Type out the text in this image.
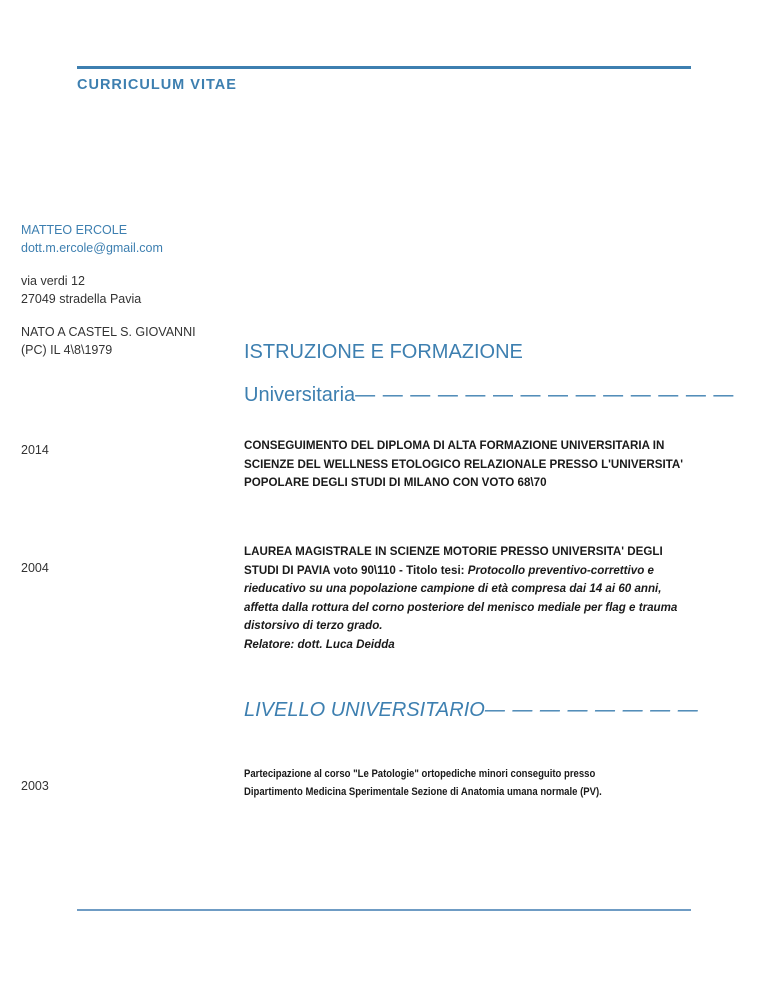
CURRICULUM VITAE
MATTEO ERCOLE
dott.m.ercole@gmail.com
via verdi 12
27049 stradella Pavia
NATO A CASTEL S. GIOVANNI
(PC) IL 4\8\1979	ISTRUZIONE E FORMAZIONE
Universitaria— — — — — — — — — — — — — —
2014	CONSEGUIMENTO DEL DIPLOMA DI ALTA FORMAZIONE UNIVERSITARIA IN SCIENZE DEL WELLNESS ETOLOGICO RELAZIONALE PRESSO L'UNIVERSITA' POPOLARE DEGLI STUDI DI MILANO CON VOTO 68\70
2004
LAUREA MAGISTRALE IN SCIENZE MOTORIE PRESSO UNIVERSITA' DEGLI STUDI DI PAVIA voto 90\110 - Titolo tesi: Protocollo preventivo-correttivo e rieducativo su una popolazione campione di età compresa dai 14 ai 60 anni, affetta dalla rottura del corno posteriore del menisco mediale per flag e trauma distorsivo di terzo grado.
Relatore: dott. Luca Deidda
LIVELLO UNIVERSITARIO— — — — — — — —
2003
Partecipazione al corso "Le Patologie" ortopediche minori conseguito presso Dipartimento Medicina Sperimentale Sezione di Anatomia umana normale (PV).
